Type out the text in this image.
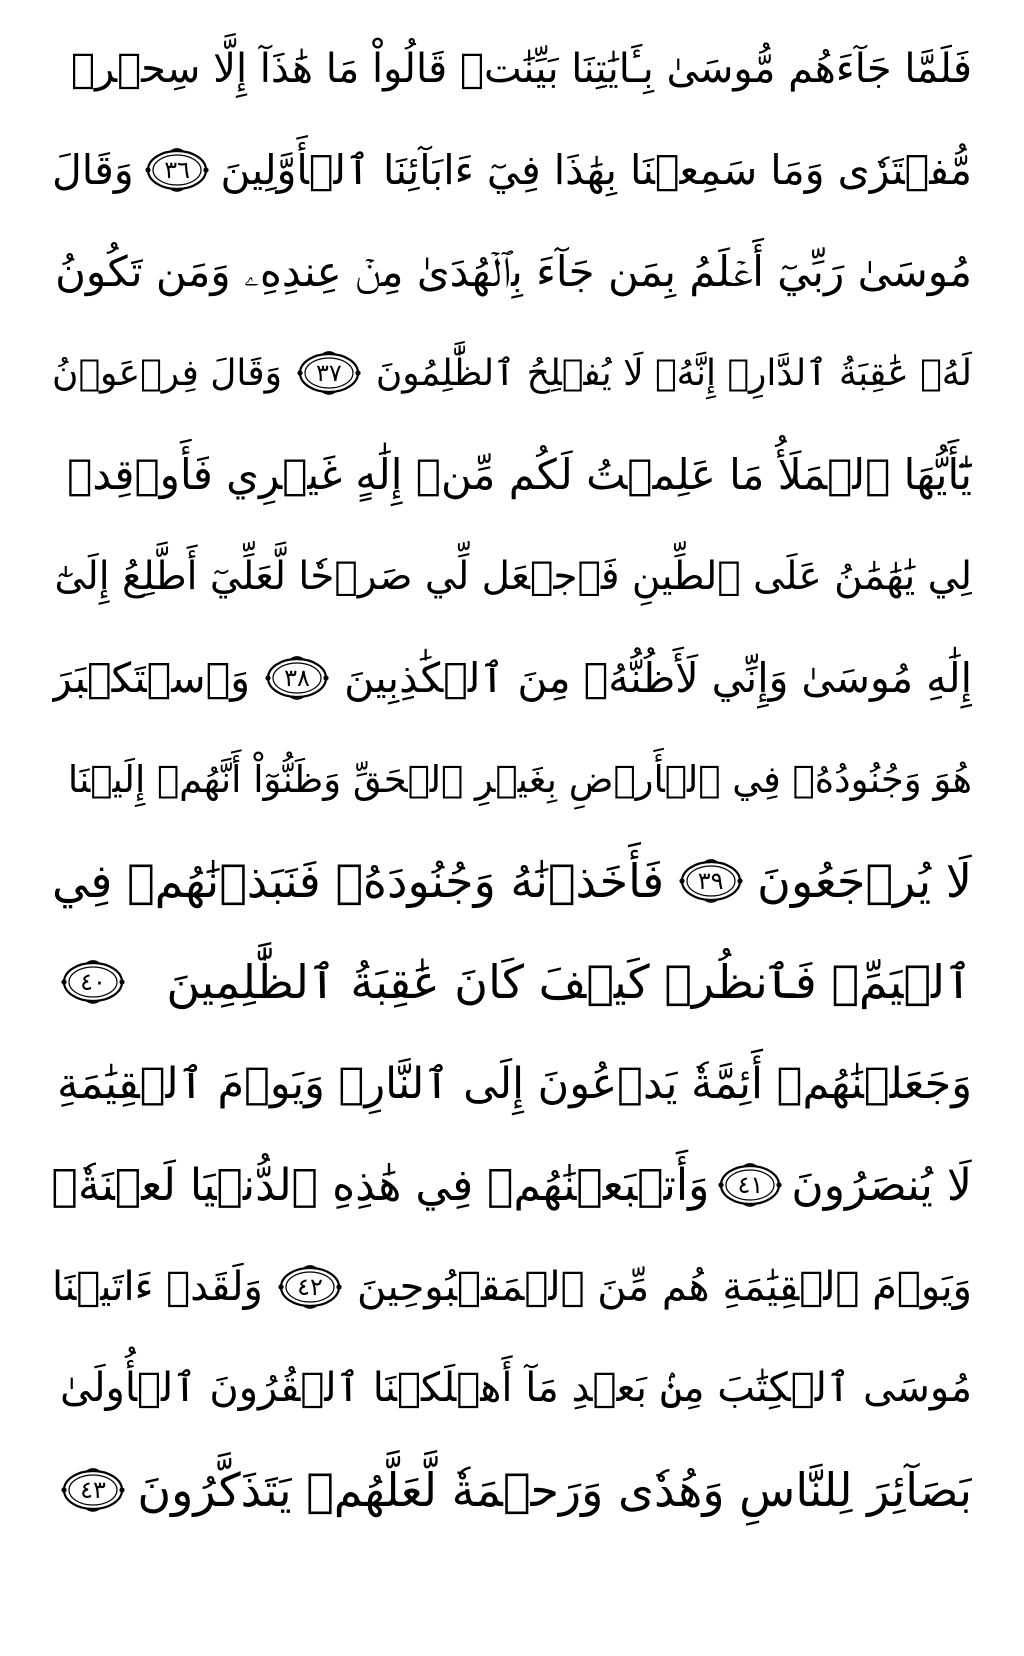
فَلَمَّا جَآءَهُم مُّوسَىٰ بِـَٔايَٰتِنَا بَيِّنَٰتٖ قَالُواْ مَا هَٰذَآ إِلَّا سِحۡرٞ
مُّفۡتَرٗى وَمَا سَمِعۡنَا بِهَٰذَا فِيٓ ءَابَآئِنَا ٱلۡأَوَّلِينَ
٣٦
وَقَالَ
مُوسَىٰ رَبِّيٓ أَعۡلَمُ بِمَن جَآءَ بِٱلۡهُدَىٰ مِنۡ عِندِهِۦ وَمَن تَكُونُ
لَهُۥ عَٰقِبَةُ ٱلدَّارِۚ إِنَّهُۥ لَا يُفۡلِحُ ٱلظَّٰلِمُونَ
٣٧
وَقَالَ فِرۡعَوۡنُ
يَٰٓأَيُّهَا ٱلۡمَلَأُ مَا عَلِمۡتُ لَكُم مِّنۡ إِلَٰهٍ غَيۡرِي فَأَوۡقِدۡ
لِي يَٰهَٰمَٰنُ عَلَى ٱلطِّينِ فَٱجۡعَل لِّي صَرۡحٗا لَّعَلِّيٓ أَطَّلِعُ إِلَىٰٓ
إِلَٰهِ مُوسَىٰ وَإِنِّي لَأَظُنُّهُۥ مِنَ ٱلۡكَٰذِبِينَ
٣٨
وَٱسۡتَكۡبَرَ
هُوَ وَجُنُودُهُۥ فِي ٱلۡأَرۡضِ بِغَيۡرِ ٱلۡحَقِّ وَظَنُّوٓاْ أَنَّهُمۡ إِلَيۡنَا
لَا يُرۡجَعُونَ
٣٩
فَأَخَذۡنَٰهُ وَجُنُودَهُۥ فَنَبَذۡنَٰهُمۡ فِي
ٱلۡيَمِّۖ فَٱنظُرۡ كَيۡفَ كَانَ عَٰقِبَةُ ٱلظَّٰلِمِينَ
٤٠
وَجَعَلۡنَٰهُمۡ أَئِمَّةٗ يَدۡعُونَ إِلَى ٱلنَّارِۖ وَيَوۡمَ ٱلۡقِيَٰمَةِ
لَا يُنصَرُونَ
٤١
وَأَتۡبَعۡنَٰهُمۡ فِي هَٰذِهِ ٱلدُّنۡيَا لَعۡنَةٗۖ
وَيَوۡمَ ٱلۡقِيَٰمَةِ هُم مِّنَ ٱلۡمَقۡبُوحِينَ
٤٢
وَلَقَدۡ ءَاتَيۡنَا
مُوسَى ٱلۡكِتَٰبَ مِنۢ بَعۡدِ مَآ أَهۡلَكۡنَا ٱلۡقُرُونَ ٱلۡأُولَىٰ
بَصَآئِرَ لِلنَّاسِ وَهُدٗى وَرَحۡمَةٗ لَّعَلَّهُمۡ يَتَذَكَّرُونَ
٤٣
